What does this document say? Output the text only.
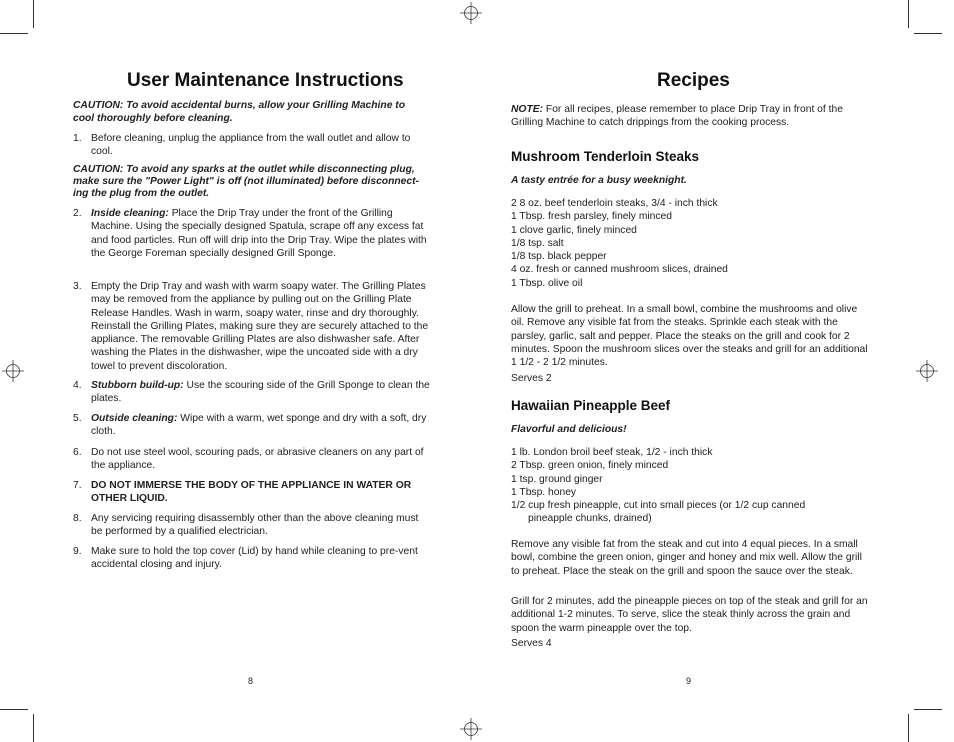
User Maintenance Instructions
CAUTION: To avoid accidental burns, allow your Grilling Machine to cool thoroughly before cleaning.
1. Before cleaning, unplug the appliance from the wall outlet and allow to cool.
CAUTION: To avoid any sparks at the outlet while disconnecting plug, make sure the "Power Light" is off (not illuminated) before disconnect-ing the plug from the outlet.
2. Inside cleaning: Place the Drip Tray under the front of the Grilling Machine. Using the specially designed Spatula, scrape off any excess fat and food particles. Run off will drip into the Drip Tray. Wipe the plates with the George Foreman specially designed Grill Sponge.
3. Empty the Drip Tray and wash with warm soapy water. The Grilling Plates may be removed from the appliance by pulling out on the Grilling Plate Release Handles. Wash in warm, soapy water, rinse and dry thoroughly. Reinstall the Grilling Plates, making sure they are securely attached to the appliance. The removable Grilling Plates are also dishwasher safe. After washing the Plates in the dishwasher, wipe the uncoated side with a dry towel to prevent discoloration.
4. Stubborn build-up: Use the scouring side of the Grill Sponge to clean the plates.
5. Outside cleaning: Wipe with a warm, wet sponge and dry with a soft, dry cloth.
6. Do not use steel wool, scouring pads, or abrasive cleaners on any part of the appliance.
7. DO NOT IMMERSE THE BODY OF THE APPLIANCE IN WATER OR OTHER LIQUID.
8. Any servicing requiring disassembly other than the above cleaning must be performed by a qualified electrician.
9. Make sure to hold the top cover (Lid) by hand while cleaning to pre-vent accidental closing and injury.
8
Recipes
NOTE: For all recipes, please remember to place Drip Tray in front of the Grilling Machine to catch drippings from the cooking process.
Mushroom Tenderloin Steaks
A tasty entrée for a busy weeknight.
2 8 oz. beef tenderloin steaks, 3/4 - inch thick
1 Tbsp. fresh parsley, finely minced
1 clove garlic, finely minced
1/8 tsp. salt
1/8 tsp. black pepper
4 oz. fresh or canned mushroom slices, drained
1 Tbsp. olive oil
Allow the grill to preheat. In a small bowl, combine the mushrooms and olive oil. Remove any visible fat from the steaks. Sprinkle each steak with the parsley, garlic, salt and pepper. Place the steaks on the grill and cook for 2 minutes. Spoon the mushroom slices over the steaks and grill for an additional 1 1/2 - 2 1/2 minutes.
Serves 2
Hawaiian Pineapple Beef
Flavorful and delicious!
1 lb. London broil beef steak, 1/2 - inch thick
2 Tbsp. green onion, finely minced
1 tsp. ground ginger
1 Tbsp. honey
1/2 cup fresh pineapple, cut into small pieces (or 1/2 cup canned
pineapple chunks, drained)
Remove any visible fat from the steak and cut into 4 equal pieces. In a small bowl, combine the green onion, ginger and honey and mix well. Allow the grill to preheat. Place the steak on the grill and spoon the sauce over the steak.
Grill for 2 minutes, add the pineapple pieces on top of the steak and grill for an additional 1-2 minutes. To serve, slice the steak thinly across the grain and spoon the warm pineapple over the top.
Serves 4
9
